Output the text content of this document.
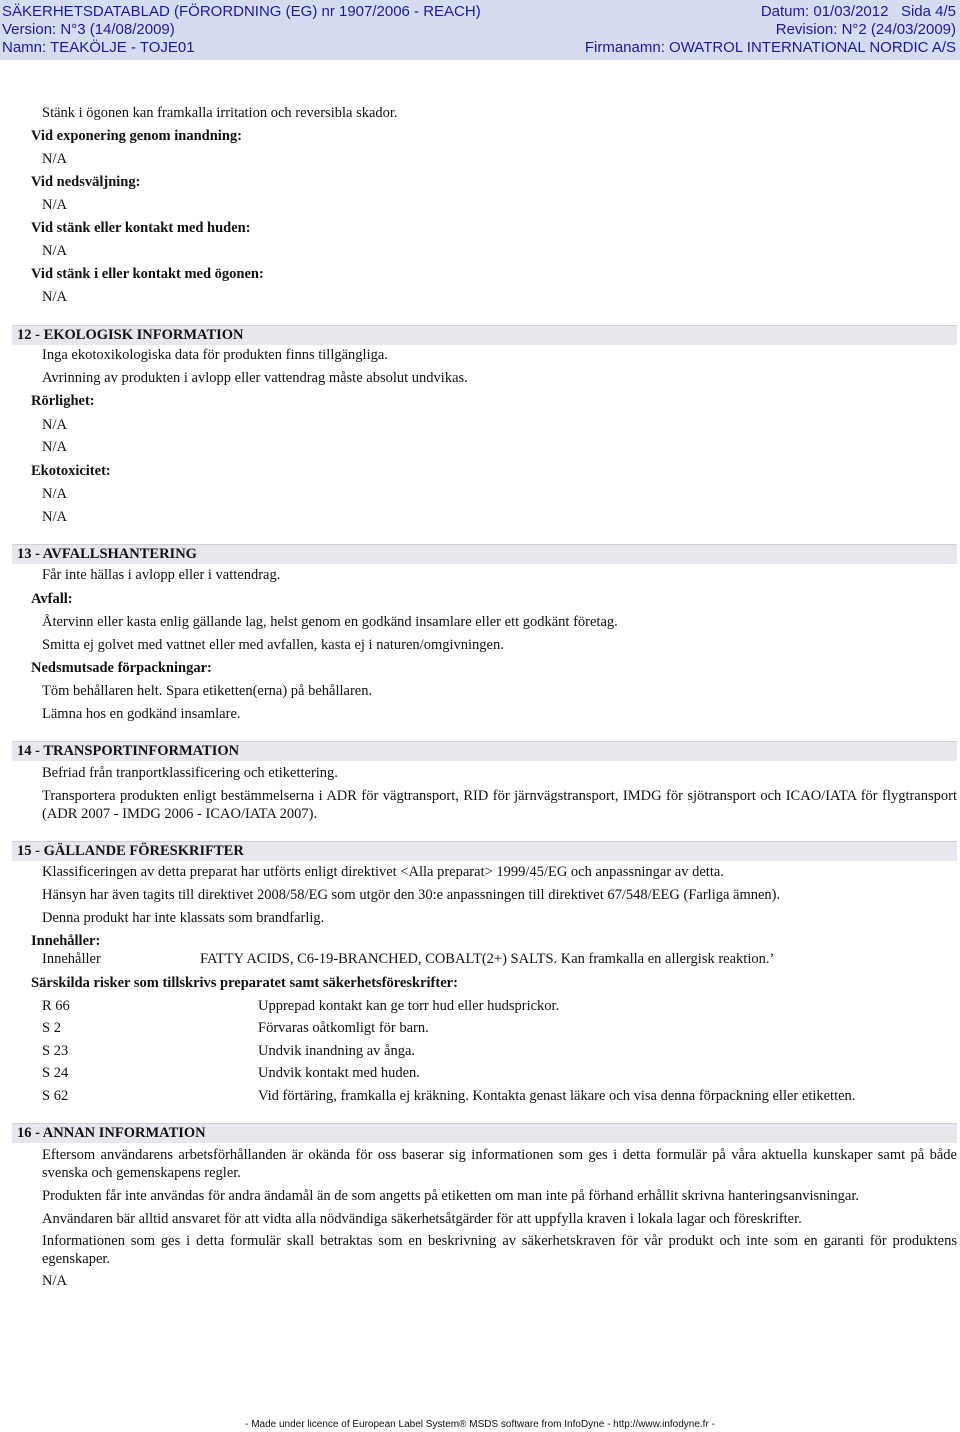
SÄKERHETSDATABLAD (FÖRORDNING (EG) nr 1907/2006 - REACH)	Datum: 01/03/2012 Sida 4/5
Version: N°3 (14/08/2009)	Revision: N°2 (24/03/2009)
Namn: TEAKÖLJE - TOJE01	Firmanamn: OWATROL INTERNATIONAL NORDIC A/S
Stänk i ögonen kan framkalla irritation och reversibla skador.
Vid exponering genom inandning:
N/A
Vid nedsväljning:
N/A
Vid stänk eller kontakt med huden:
N/A
Vid stänk i eller kontakt med ögonen:
N/A
12 - EKOLOGISK INFORMATION
Inga ekotoxikologiska data för produkten finns tillgängliga.
Avrinning av produkten i avlopp eller vattendrag måste absolut undvikas.
Rörlighet:
N/A
N/A
Ekotoxicitet:
N/A
N/A
13 - AVFALLSHANTERING
Får inte hällas i avlopp eller i vattendrag.
Avfall:
Återvinn eller kasta enlig gällande lag, helst genom en godkänd insamlare eller ett godkänt företag.
Smitta ej golvet med vattnet eller med avfallen, kasta ej i naturen/omgivningen.
Nedsmutsade förpackningar:
Töm behållaren helt. Spara etiketten(erna) på behållaren.
Lämna hos en godkänd insamlare.
14 - TRANSPORTINFORMATION
Befriad från tranportklassificering och etikettering.
Transportera produkten enligt bestämmelserna i ADR för vägtransport, RID för järnvägstransport, IMDG för sjötransport och ICAO/IATA för flygtransport (ADR 2007 - IMDG 2006 - ICAO/IATA 2007).
15 - GÄLLANDE FÖRESKRIFTER
Klassificeringen av detta preparat har utförts enligt direktivet <Alla preparat> 1999/45/EG och anpassningar av detta.
Hänsyn har även tagits till direktivet 2008/58/EG som utgör den 30:e anpassningen till direktivet 67/548/EEG (Farliga ämnen).
Denna produkt har inte klassats som brandfarlig.
Innehåller:
Innehåller	FATTY ACIDS, C6-19-BRANCHED, COBALT(2+) SALTS. Kan framkalla en allergisk reaktion.’
Särskilda risker som tillskrivs preparatet samt säkerhetsföreskrifter:
R 66	Upprepad kontakt kan ge torr hud eller hudsprickor.
S 2	Förvaras oåtkomligt för barn.
S 23	Undvik inandning av ånga.
S 24	Undvik kontakt med huden.
S 62	Vid förtäring, framkalla ej kräkning. Kontakta genast läkare och visa denna förpackning eller etiketten.
16 - ANNAN INFORMATION
Eftersom användarens arbetsförhållanden är okända för oss baserar sig informationen som ges i detta formulär på våra aktuella kunskaper samt på både svenska och gemenskapens regler.
Produkten får inte användas för andra ändamål än de som angetts på etiketten om man inte på förhand erhållit skrivna hanteringsanvisningar.
Användaren bär alltid ansvaret för att vidta alla nödvändiga säkerhetsåtgärder för att uppfylla kraven i lokala lagar och föreskrifter.
Informationen som ges i detta formulär skall betraktas som en beskrivning av säkerhetskraven för vår produkt och inte som en garanti för produktens egenskaper.
N/A
- Made under licence of European Label System® MSDS software from InfoDyne - http://www.infodyne.fr -
